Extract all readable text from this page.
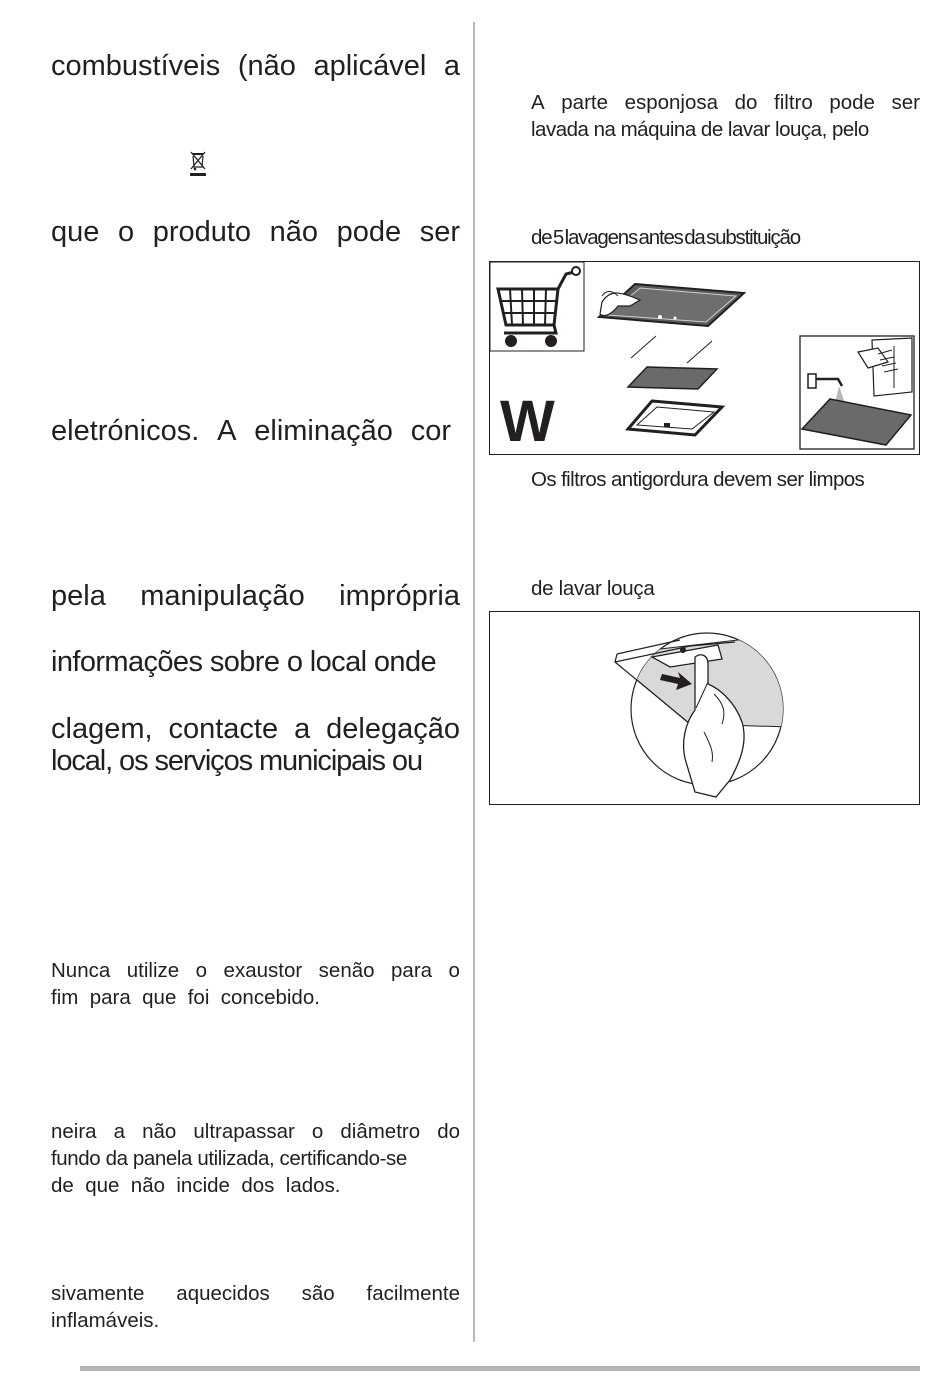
combustíveis (não aplicável a
que o produto não pode ser
eletrónicos. A eliminação cor
pela manipulação imprópria
informações sobre o local onde
clagem, contacte a delegação
local, os serviços municipais ou
Nunca utilize o exaustor senão para o
fim  para  que  foi  concebido.
neira a não ultrapassar o diâmetro do
fundo da panela utilizada, certificando-se
de  que  não  incide  dos  lados.
sivamente aquecidos são facilmente
inflamáveis.
A parte esponjosa do filtro pode ser
lavada na máquina de lavar louça, pelo
de 5 lavagens antes da substituição
W
Os filtros antigordura devem ser limpos
de lavar louça
